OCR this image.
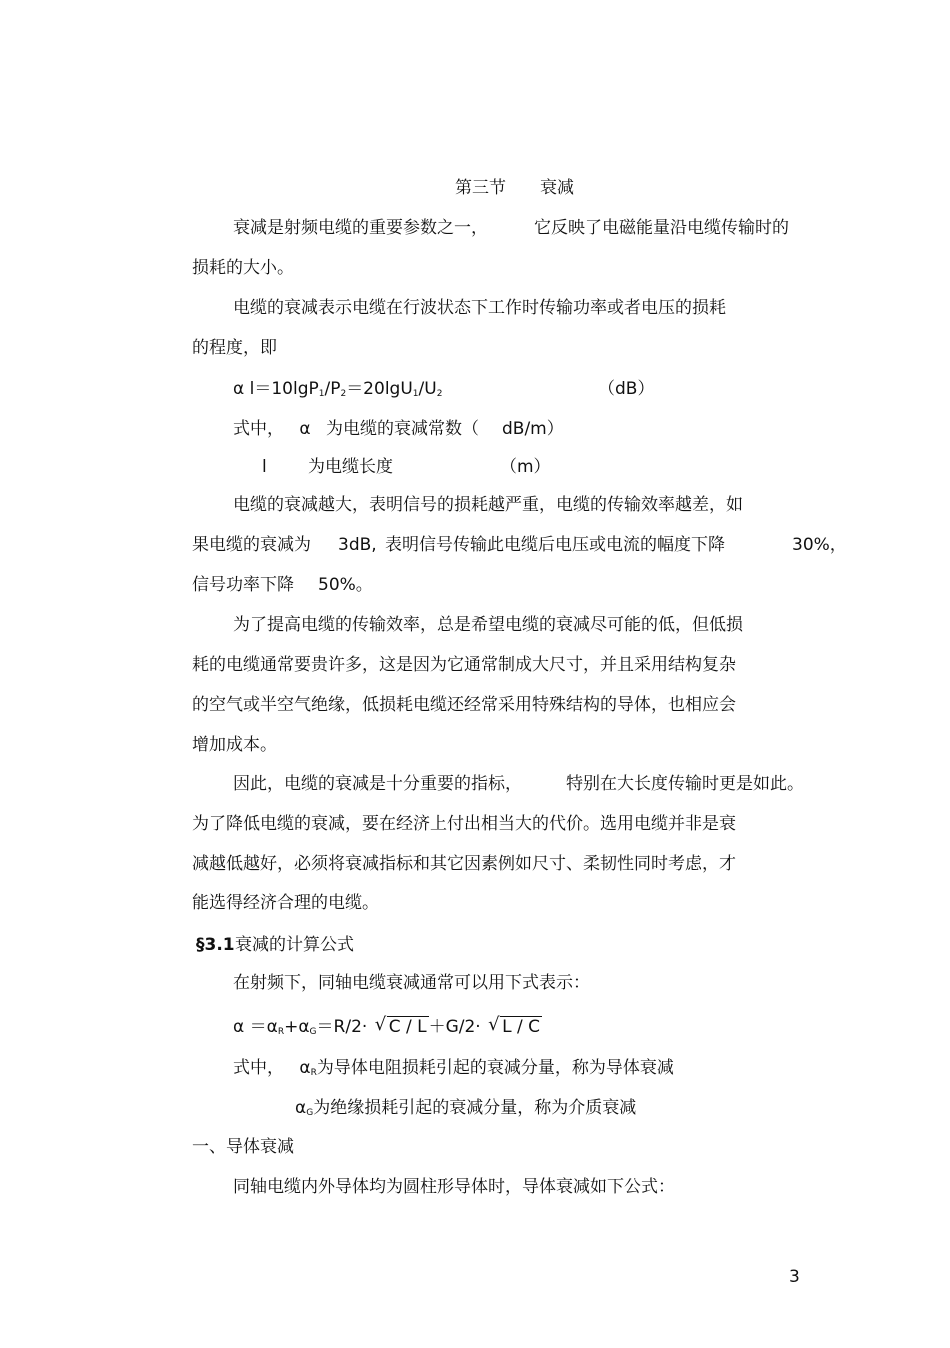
第三节　　衰减
衰减是射频电缆的重要参数之一，	它反映了电磁能量沿电缆传输时的
损耗的大小。
电缆的衰减表示电缆在行波状态下工作时传输功率或者电压的损耗
的程度，即
α $l=10\lg P_1/P_2=20\lg U_1/U_2$	（dB）
式中， α 为电缆的衰减常数（ dB/m）
l 为电缆长度	（m）
电缆的衰减越大，表明信号的损耗越严重，电缆的传输效率越差，如
果电缆的衰减为 3dB, 表明信号传输此电缆后电压或电流的幅度下降	30%，
信号功率下降 50%。
为了提高电缆的传输效率，总是希望电缆的衰减尽可能的低，但低损
耗的电缆通常要贵许多，这是因为它通常制成大尺寸，并且采用结构复杂
的空气或半空气绝缘，低损耗电缆还经常采用特殊结构的导体，也相应会
增加成本。
因此，电缆的衰减是十分重要的指标，	特别在大长度传输时更是如此。
为了降低电缆的衰减，要在经济上付出相当大的代价。选用电缆并非是衰
减越低越好，必须将衰减指标和其它因素例如尺寸、柔韧性同时考虑，才
能选得经济合理的电缆。
§3.1 衰减的计算公式
在射频下，同轴电缆衰减通常可以用下式表示：
$\alpha =\alpha_R+\alpha_G=R/2\cdot$ √ C / L ＋G/2· √ L / C
式中， $\alpha_R$为导体电阻损耗引起的衰减分量，称为导体衰减
$\alpha_G$为绝缘损耗引起的衰减分量，称为介质衰减
一、导体衰减
同轴电缆内外导体均为圆柱形导体时，导体衰减如下公式：
3
